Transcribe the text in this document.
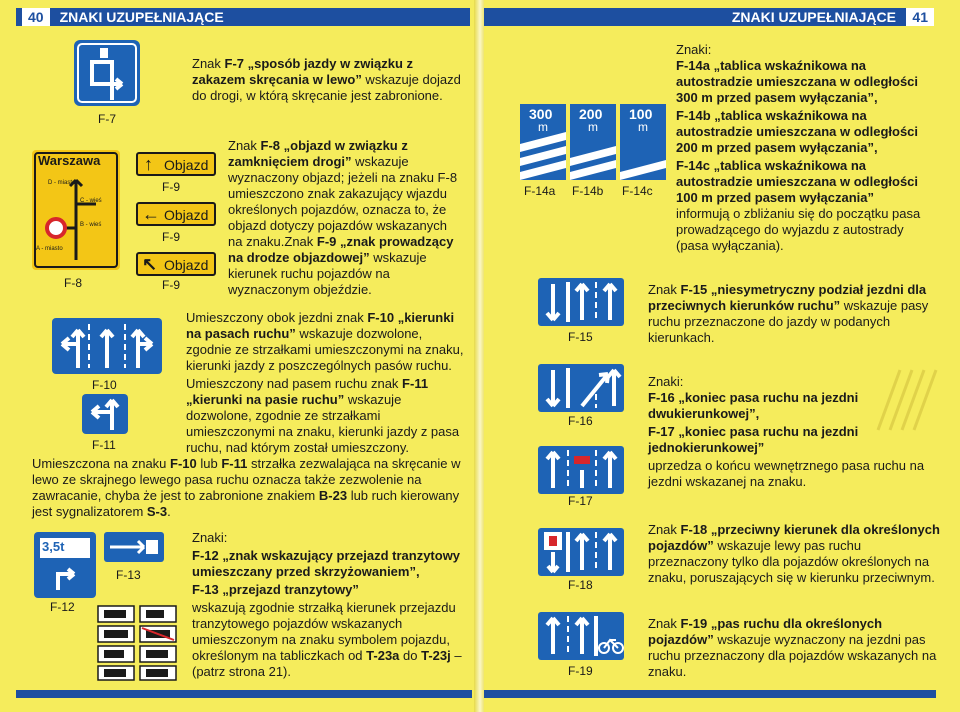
40 ZNAKI UZUPEŁNIAJĄCE
F-7
Znak F-7 „sposób jazdy w związku z zakazem skręcania w lewo” wskazuje dojazd do drogi, w którą skręcanie jest zabronione.
Warszawa
D - miasto
C - wieś
B - wieś
A - miasto
F-8
↑ Objazd
F-9
← Objazd
F-9
↖ Objazd
F-9
Znak F-8 „objazd w związku z zamknięciem drogi” wskazuje wyznaczony objazd; jeżeli na znaku F-8 umieszczono znak zakazujący wjazdu określonych pojazdów, oznacza to, że objazd dotyczy pojazdów wskazanych na znaku.Znak F-9 „znak prowadzący na drodze objazdowej” wskazuje kierunek ruchu pojazdów na wyznaczonym objeździe.
F-10
F-11
Umieszczony obok jezdni znak F-10 „kierunki na pasach ruchu” wskazuje dozwolone, zgodnie ze strzałkami umieszczonymi na znaku, kierunki jazdy z poszczególnych pasów ruchu.
Umieszczony nad pasem ruchu znak F-11 „kierunki na pasie ruchu” wskazuje dozwolone, zgodnie ze strzałkami umieszczonymi na znaku, kierunki jazdy z pasa ruchu, nad którym został umieszczony.
Umieszczona na znaku F-10 lub F-11 strzałka zezwalająca na skręcanie w lewo ze skrajnego lewego pasa ruchu oznacza także zezwolenie na zawracanie, chyba że jest to zabronione znakiem B-23 lub ruch kierowany jest sygnalizatorem S-3.
3,5t
F-12
F-13
Znaki:
F-12 „znak wskazujący przejazd tranzytowy umieszczany przed skrzyżowaniem”,
F-13 „przejazd tranzytowy”
wskazują zgodnie strzałką kierunek przejazdu tranzytowego pojazdów wskazanych umieszczonym na znaku symbolem pojazdu, określonym na tabliczkach od T-23a do T-23j – (patrz strona 21).
ZNAKI UZUPEŁNIAJĄCE	41
300
m
200
m
100
m
F-14a F-14b F-14c
Znaki:
F-14a „tablica wskaźnikowa na autostradzie umieszczana w odległości 300 m przed pasem wyłączania”,
F-14b „tablica wskaźnikowa na autostradzie umieszczana w odległości 200 m przed pasem wyłączania”,
F-14c „tablica wskaźnikowa na autostradzie umieszczana w odległości 100 m przed pasem wyłączania”
informują o zbliżaniu się do początku pasa prowadzącego do wyjazdu z autostrady (pasa wyłączania).
F-15
F-16
F-17
F-18
F-19
Znak F-15 „niesymetryczny podział jezdni dla przeciwnych kierunków ruchu” wskazuje pasy ruchu przeznaczone do jazdy w podanych kierunkach.
Znaki:
F-16 „koniec pasa ruchu na jezdni dwukierunkowej”,
F-17 „koniec pasa ruchu na jezdni jednokierunkowej”
uprzedza o końcu wewnętrznego pasa ruchu na jezdni wskazanej na znaku.
Znak F-18 „przeciwny kierunek dla określonych pojazdów” wskazuje lewy pas ruchu przeznaczony tylko dla pojazdów określonych na znaku, poruszających się w kierunku przeciwnym.
Znak F-19 „pas ruchu dla określonych pojazdów” wskazuje wyznaczony na jezdni pas ruchu przeznaczony dla pojazdów wskazanych na znaku.
